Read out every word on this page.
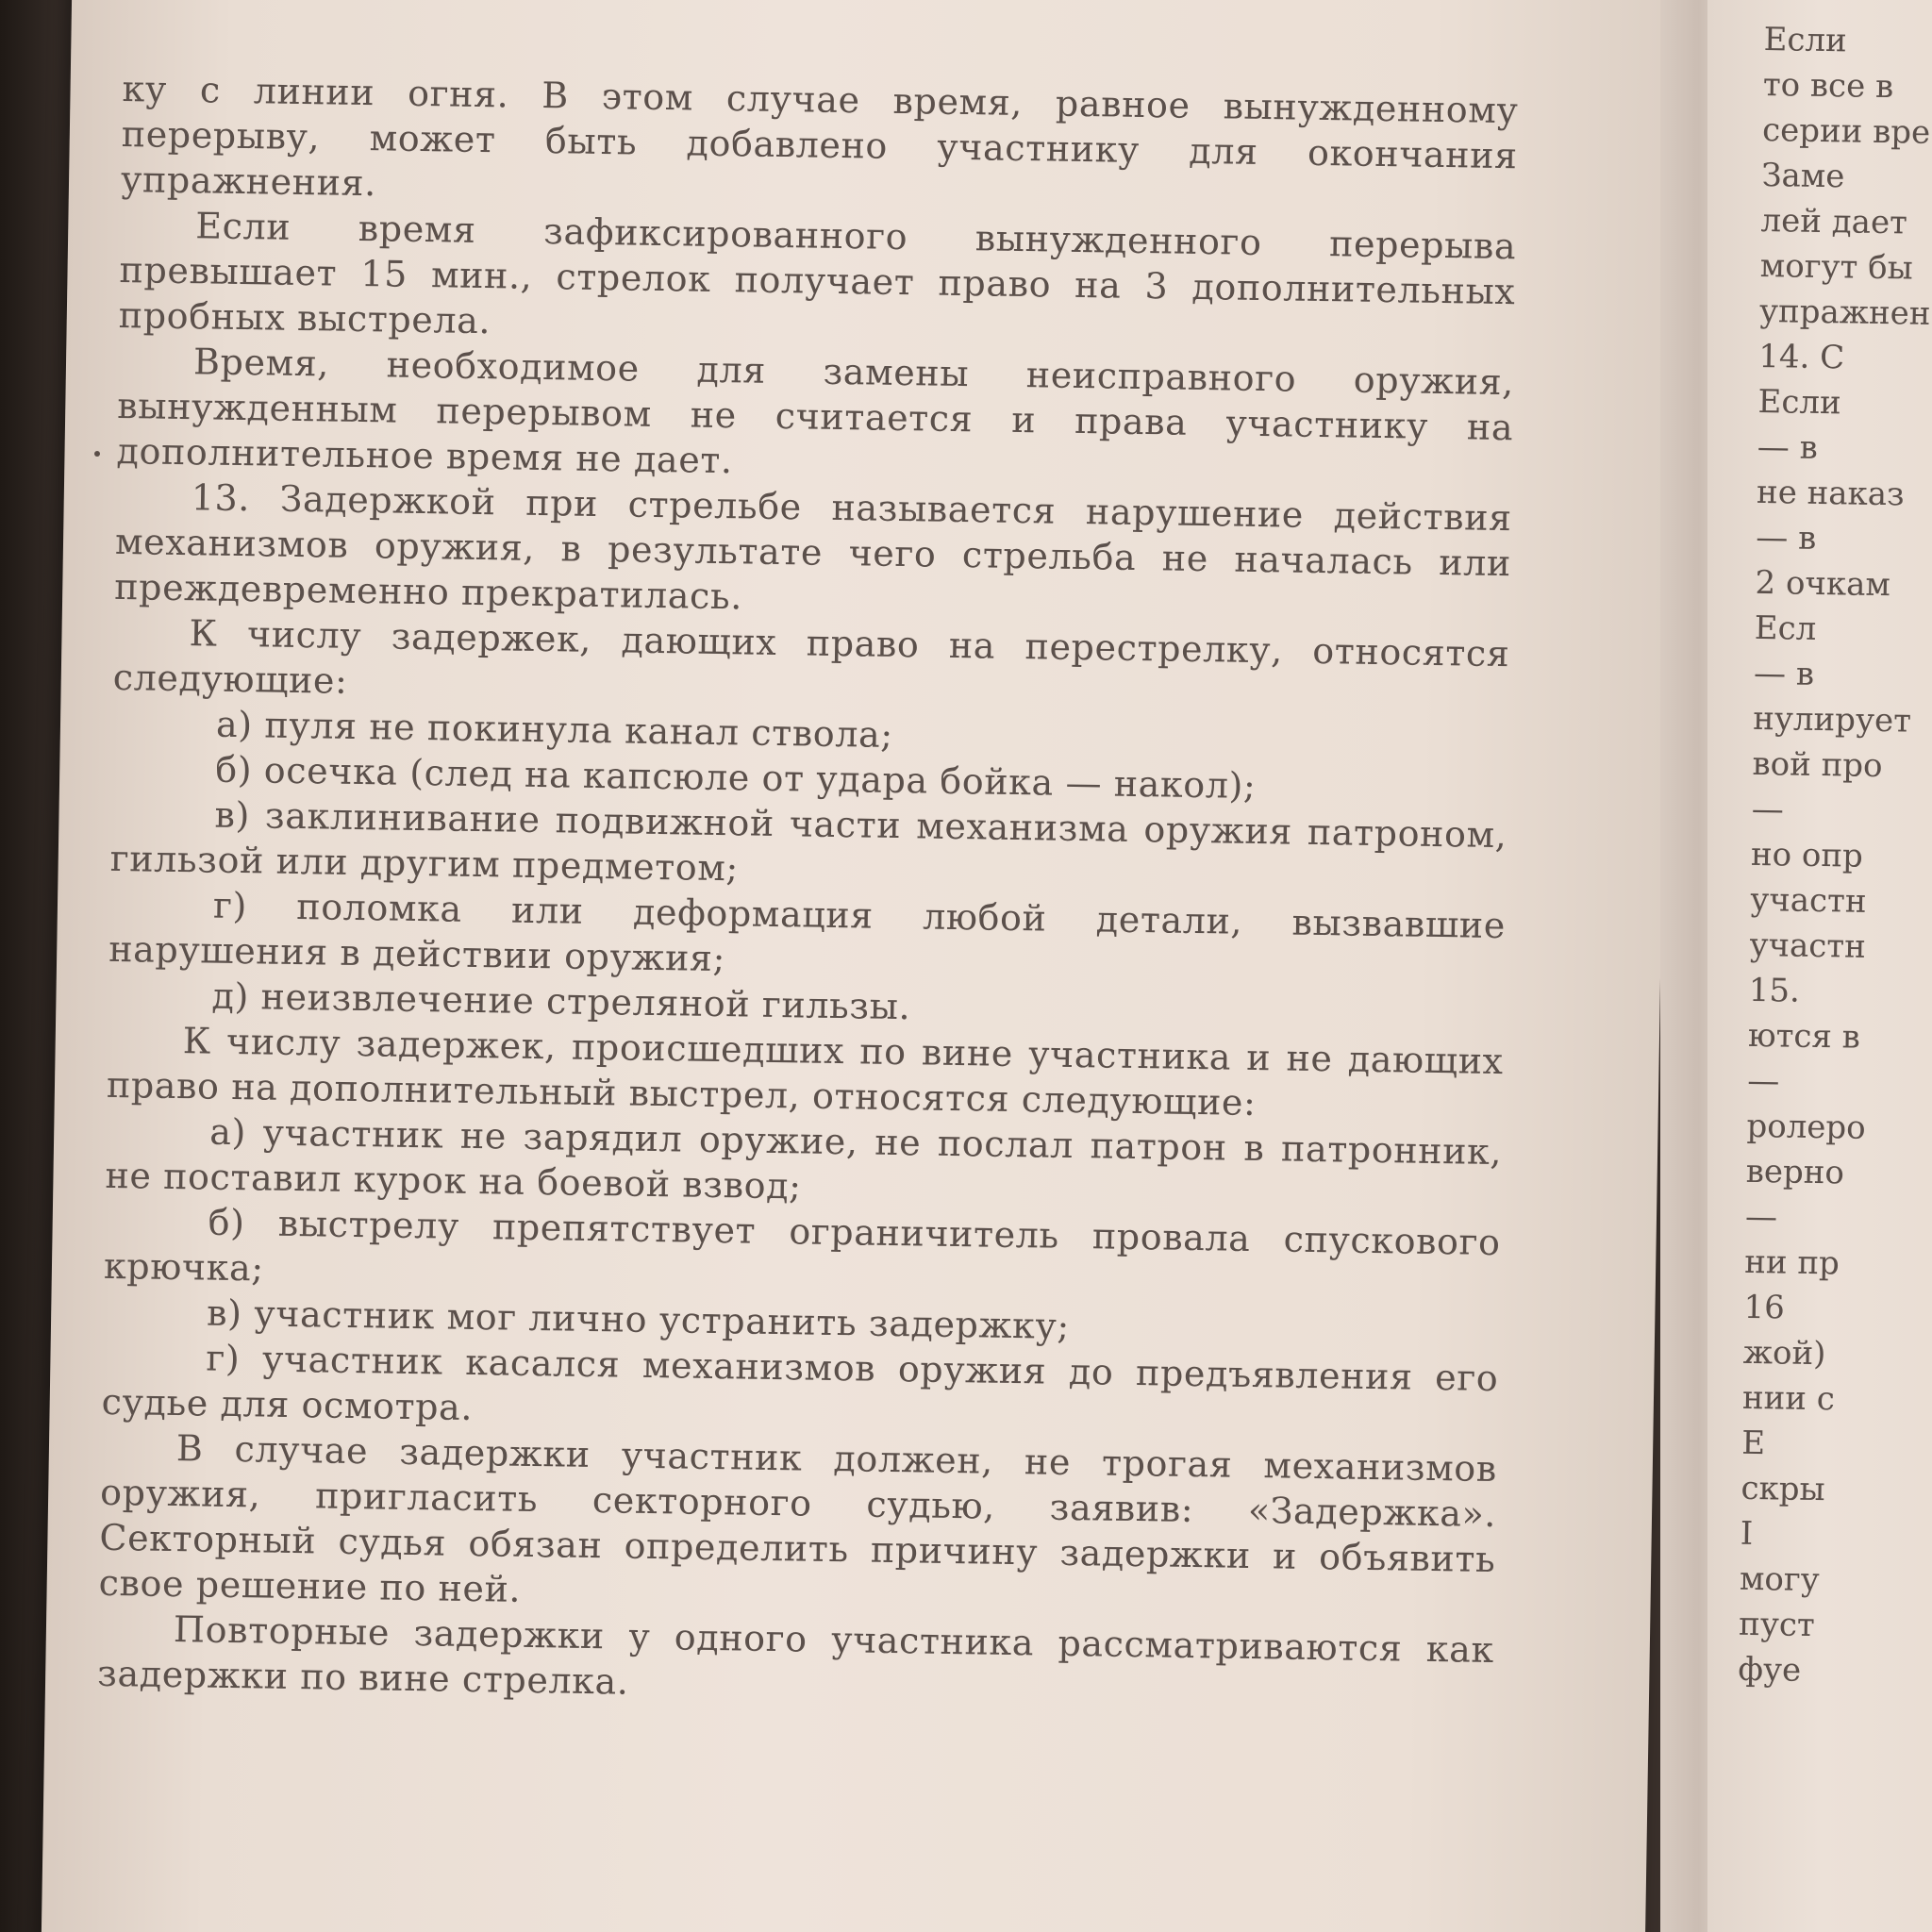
ку с линии огня. В этом случае время, равное вынужденному перерыву, может быть добавлено участнику для окончания упражнения.

Если время зафиксированного вынужденного перерыва превышает 15 мин., стрелок получает право на 3 дополнительных пробных выстрела.

Время, необходимое для замены неисправного оружия, вынужденным перерывом не считается и права участнику на дополнительное время не дает.

13. Задержкой при стрельбе называется нарушение действия механизмов оружия, в результате чего стрельба не началась или преждевременно прекратилась.

К числу задержек, дающих право на перестрелку, относятся следующие:

а) пуля не покинула канал ствола;

б) осечка (след на капсюле от удара бойка — накол);

в) заклинивание подвижной части механизма оружия патроном, гильзой или другим предметом;

г) поломка или деформация любой детали, вызвавшие нарушения в действии оружия;

д) неизвлечение стреляной гильзы.

К числу задержек, происшедших по вине участника и не дающих право на дополнительный выстрел, относятся следующие:

а) участник не зарядил оружие, не послал патрон в патронник, не поставил курок на боевой взвод;

б) выстрелу препятствует ограничитель провала спускового крючка;

в) участник мог лично устранить задержку;

г) участник касался механизмов оружия до предъявления его судье для осмотра.

В случае задержки участник должен, не трогая механизмов оружия, пригласить секторного судью, заявив: «Задержка». Секторный судья обязан определить причину задержки и объявить свое решение по ней.

Повторные задержки у одного участника рассматриваются как задержки по вине стрелка.

Если
то все в
серии вре
Заме
лей дает
могут бы
упражнен
14. С
Если
— в
не наказ
— в
2 очкам
Есл
— в
нулирует
вой про
—
но опр
участн
участн
15.
ются в
—
ролеро
верно
—
ни пр
16
жой)
нии с
Е
скры
I
могу
пуст
фуе
